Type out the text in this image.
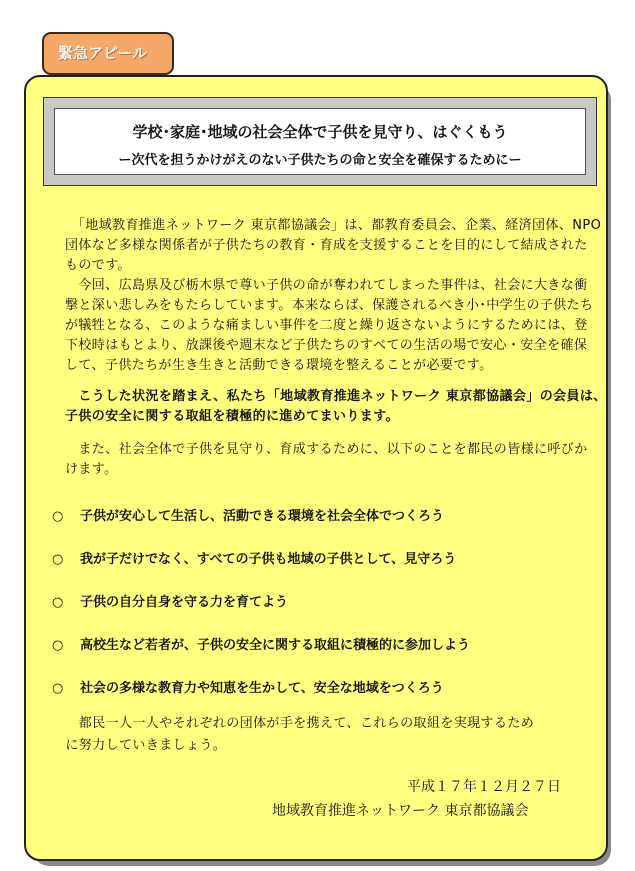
緊急アピール
学校･家庭･地域の社会全体で子供を見守り、はぐくもう
ー次代を担うかけがえのない子供たちの命と安全を確保するためにー
　「地域教育推進ネットワーク 東京都協議会」は、都教育委員会、企業、経済団体、NPO
団体など多様な関係者が子供たちの教育・育成を支援することを目的にして結成された
ものです。
　今回、広島県及び栃木県で尊い子供の命が奪われてしまった事件は、社会に大きな衝
撃と深い悲しみをもたらしています。本来ならば、保護されるべき小･中学生の子供たち
が犠牲となる、このような痛ましい事件を二度と繰り返さないようにするためには、登
下校時はもとより、放課後や週末など子供たちのすべての生活の場で安心・安全を確保
して、子供たちが生き生きと活動できる環境を整えることが必要です。
　こうした状況を踏まえ、私たち「地域教育推進ネットワーク 東京都協議会」の会員は、
子供の安全に関する取組を積極的に進めてまいります。
　また、社会全体で子供を見守り、育成するために、以下のことを都民の皆様に呼びか
けます。
○ 子供が安心して生活し、活動できる環境を社会全体でつくろう
○ 我が子だけでなく、すべての子供も地域の子供として、見守ろう
○ 子供の自分自身を守る力を育てよう
○ 高校生など若者が、子供の安全に関する取組に積極的に参加しよう
○ 社会の多様な教育力や知恵を生かして、安全な地域をつくろう
　　都民一人一人やそれぞれの団体が手を携えて、これらの取組を実現するため
　に努力していきましょう。
平成１７年１２月２７日
地域教育推進ネットワーク 東京都協議会
